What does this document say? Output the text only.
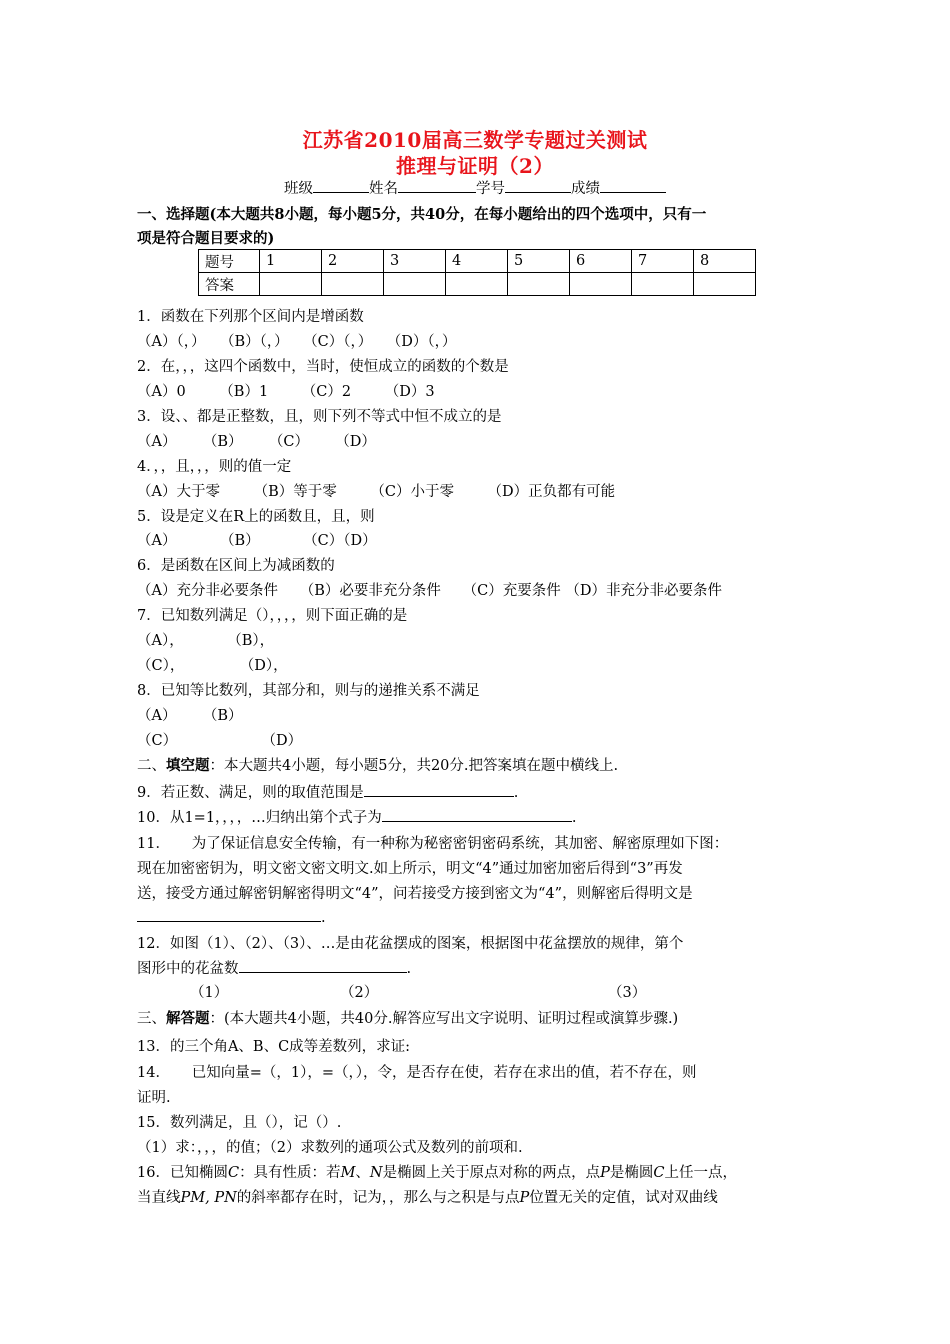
江苏省2010届高三数学专题过关测试
推理与证明（2）
班级	姓名	学号	成绩
一、选择题(本大题共8小题，每小题5分，共40分，在每小题给出的四个选项中，只有一
项是符合题目要求的)
题号	1	2	3	4	5	6	7	8
答案								
1．函数在下列那个区间内是增函数
（A）（，）　　（B）（，）　　（C）（，）　　（D）（，）
2．在，，，这四个函数中，当时，使恒成立的函数的个数是
（A）0　　 （B）1　　 （C）2　　 （D）3
3．设、、都是正整数，且，则下列不等式中恒不成立的是
（A）　　 （B）　　 （C）　　 （D）
4．，，且，，，则的值一定
（A）大于零　　 （B）等于零　　 （C）小于零　　 （D）正负都有可能
5．设是定义在R上的函数且，且，则
（A）　　　　（B）　　　　（C）（D）
6．是函数在区间上为减函数的
（A）充分非必要条件　　（B）必要非充分条件　　（C）充要条件 （D）非充分非必要条件
7．已知数列满足（），，，，则下面正确的是
（A），　　　　（B），
（C），　　　　 （D），
8．已知等比数列，其部分和，则与的递推关系不满足
（A）　　 （B）
（C）　　　　　　 （D）
二、填空题：本大题共4小题，每小题5分，共20分.把答案填在题中横线上.
9．若正数、满足，则的取值范围是	.
10．从1=1，，，，…归纳出第个式子为	.
11．　　为了保证信息安全传输，有一种称为秘密密钥密码系统，其加密、解密原理如下图：
现在加密密钥为，明文密文密文明文.如上所示，明文“4”通过加密加密后得到“3”再发
送，接受方通过解密钥解密得明文“4”，问若接受方接到密文为“4”，则解密后得明文是
.
12．如图（1）、（2）、（3）、…是由花盆摆成的图案，根据图中花盆摆放的规律，第个
图形中的花盆数	.
（1）	（2）	（3）
三、解答题：(本大题共4小题，共40分.解答应写出文字说明、证明过程或演算步骤.)
13．的三个角A、B、C成等差数列，求证:
14．　　已知向量=（，1），=（，），令，是否存在使，若存在求出的值，若不存在，则
证明.
15．数列满足，且（），记（）.
（1）求：，，，的值；（2）求数列的通项公式及数列的前项和.
16．已知椭圆C：具有性质：若M、N是椭圆上关于原点对称的两点，点P是椭圆C上任一点，
当直线PM, PN的斜率都存在时，记为，，那么与之积是与点P位置无关的定值，试对双曲线
